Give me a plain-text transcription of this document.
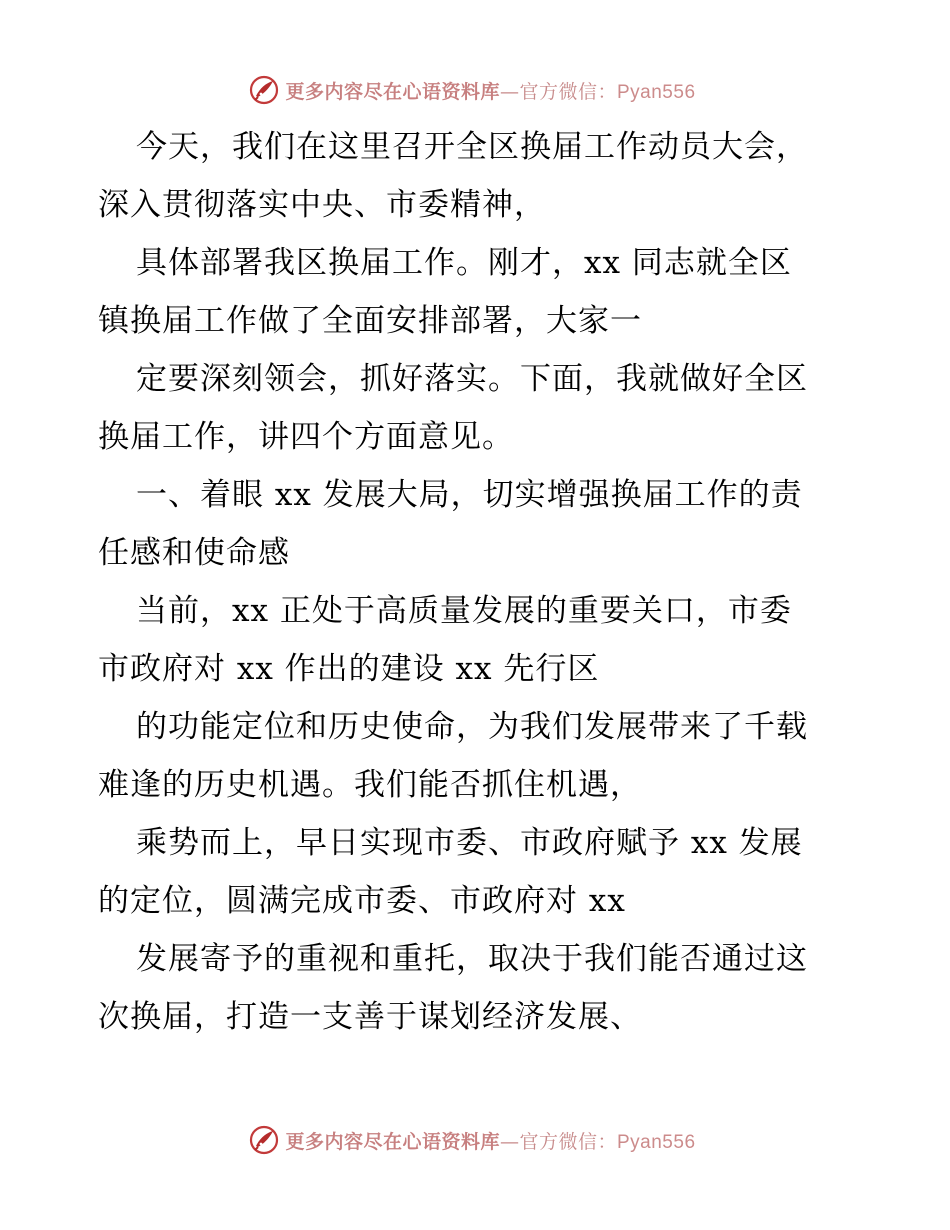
更多内容尽在心语资料库—官方微信：Pyan556

今天，我们在这里召开全区换届工作动员大会，
深入贯彻落实中央、市委精神，

具体部署我区换届工作。刚才，xx 同志就全区
镇换届工作做了全面安排部署，大家一

定要深刻领会，抓好落实。下面，我就做好全区
换届工作，讲四个方面意见。

一、着眼 xx 发展大局，切实增强换届工作的责
任感和使命感

当前，xx 正处于高质量发展的重要关口，市委
市政府对 xx 作出的建设 xx 先行区

的功能定位和历史使命，为我们发展带来了千载
难逢的历史机遇。我们能否抓住机遇，

乘势而上，早日实现市委、市政府赋予 xx 发展
的定位，圆满完成市委、市政府对 xx

发展寄予的重视和重托，取决于我们能否通过这
次换届，打造一支善于谋划经济发展、

更多内容尽在心语资料库—官方微信：Pyan556
